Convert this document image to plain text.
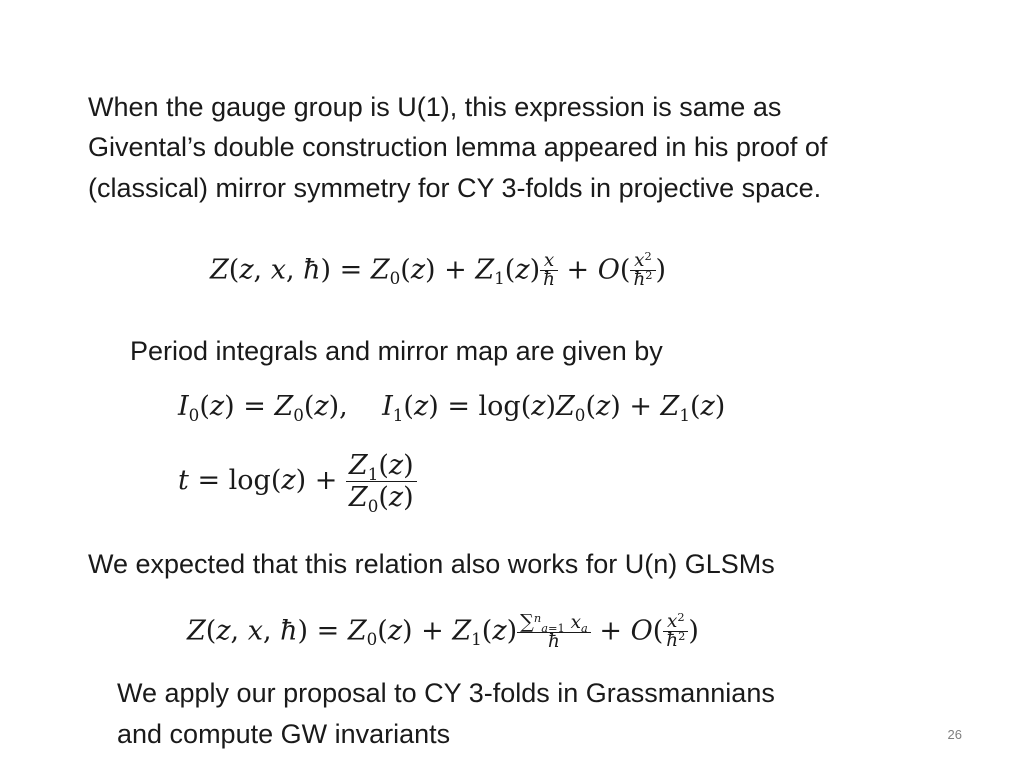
When the gauge group is U(1), this expression is same as
Givental’s double construction lemma appeared in his proof of
(classical) mirror symmetry for CY 3-folds in projective space.
Z(z, x, ħ) = $Z_0(z) + Z_1(z) \frac{x}{ħ} + O( \frac{x^2}{ħ^2}$ )
Period integrals and mirror map are given by
$I_0(z) = Z_0(z)$,    $I_1(z) = \log(z)Z_0(z) + Z_1(z)$
$t = \log(z) + \frac{Z_1(z)}{Z_0(z)}$
We expected that this relation also works for U(n) GLSMs
Z(z, x, ħ) = $Z_0(z) + Z_1(z) \frac{\sum^n_{a=1} x_a}{ħ} + O( \frac{x^2}{ħ^2}$ )
We apply our proposal to CY 3-folds in Grassmannians
and compute GW invariants	26
